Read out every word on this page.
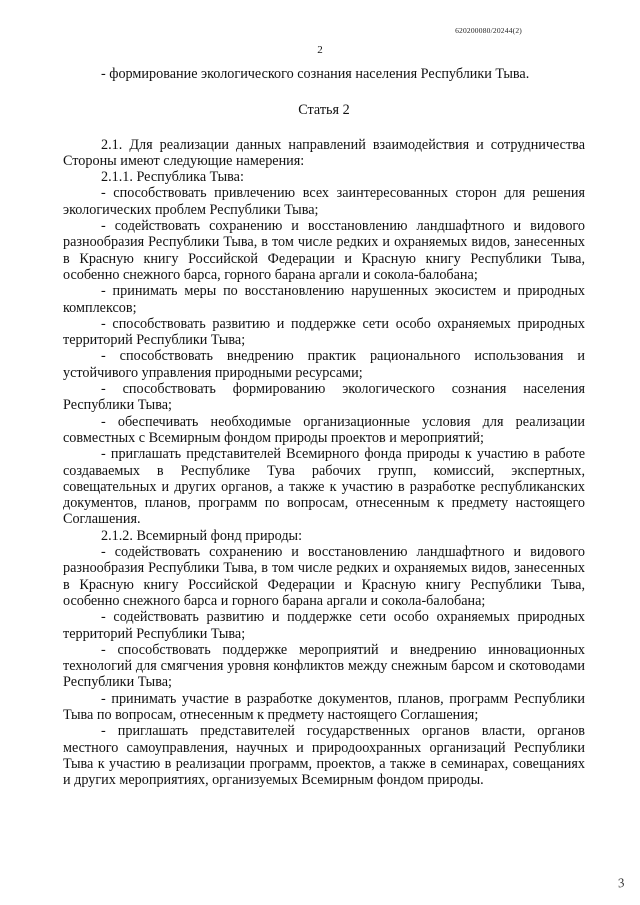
620200080/20244(2)
2

- формирование экологического сознания населения Республики Тыва.

Статья 2

2.1. Для реализации данных направлений взаимодействия и сотрудничества Стороны имеют следующие намерения:

2.1.1. Республика Тыва:

- способствовать привлечению всех заинтересованных сторон для решения экологических проблем Республики Тыва;

- содействовать сохранению и восстановлению ландшафтного и видового разнообразия Республики Тыва, в том числе редких и охраняемых видов, занесенных в Красную книгу Российской Федерации и Красную книгу Республики Тыва, особенно снежного барса, горного барана аргали и сокола-балобана;

- принимать меры по восстановлению нарушенных экосистем и природных комплексов;

- способствовать развитию и поддержке сети особо охраняемых природных территорий Республики Тыва;

- способствовать внедрению практик рационального использования и устойчивого управления природными ресурсами;

- способствовать формированию экологического сознания населения Республики Тыва;

- обеспечивать необходимые организационные условия для реализации совместных с Всемирным фондом природы проектов и мероприятий;

- приглашать представителей Всемирного фонда природы к участию в работе создаваемых в Республике Тува рабочих групп, комиссий, экспертных, совещательных и других органов, а также к участию в разработке республиканских документов, планов, программ по вопросам, отнесенным к предмету настоящего Соглашения.

2.1.2. Всемирный фонд природы:

- содействовать сохранению и восстановлению ландшафтного и видового разнообразия Республики Тыва, в том числе редких и охраняемых видов, занесенных в Красную книгу Российской Федерации и Красную книгу Республики Тыва, особенно снежного барса и горного барана аргали и сокола-балобана;

- содействовать развитию и поддержке сети особо охраняемых природных территорий Республики Тыва;

- способствовать поддержке мероприятий и внедрению инновационных технологий для смягчения уровня конфликтов между снежным барсом и скотоводами Республики Тыва;

- принимать участие в разработке документов, планов, программ Республики Тыва по вопросам, отнесенным к предмету настоящего Соглашения;

- приглашать представителей государственных органов власти, органов местного самоуправления, научных и природоохранных организаций Республики Тыва к участию в реализации программ, проектов, а также в семинарах, совещаниях и других мероприятиях, организуемых Всемирным фондом природы.

3
